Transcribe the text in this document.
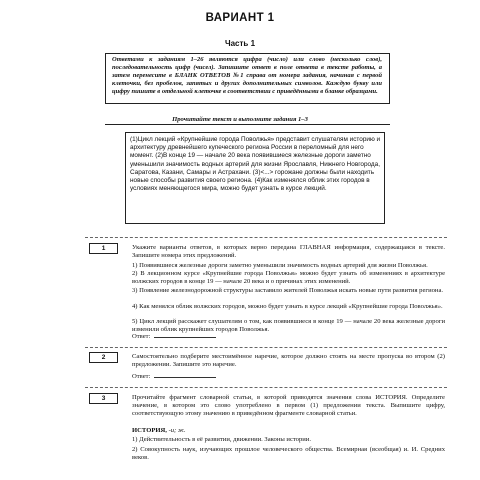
ВАРИАНТ 1
Часть 1
Ответами к заданиям 1–26 являются цифра (число) или слово (несколько слов), последовательность цифр (чисел). Запишите ответ в поле ответа в тексте работы, а затем перенесите в БЛАНК ОТВЕТОВ №1 справа от номера задания, начиная с первой клеточки, без пробелов, запятых и других дополнительных символов. Каждую букву или цифру пишите в отдельной клеточке в соответствии с приведёнными в бланке образцами.
Прочитайте текст и выполните задания 1–3
(1)Цикл лекций «Крупнейшие города Поволжья» представит слушателям историю и архитектуру древнейшего купеческого региона России в переломный для него момент. (2)В конце 19 — начале 20 века появившиеся железные дороги заметно уменьшили значимость водных артерий для жизни Ярославля, Нижнего Новгорода, Саратова, Казани, Самары и Астрахани. (3)<...> горожане должны были находить новые способы развития своего региона. (4)Как изменялся облик этих городов в условиях меняющегося мира, можно будет узнать в курсе лекций.
1	Укажите варианты ответов, в которых верно передана ГЛАВНАЯ информация, содержащаяся в тексте. Запишите номера этих предложений.
1) Появившиеся железные дороги заметно уменьшили значимость водных артерий для жизни Поволжья.
2) В лекционном курсе «Крупнейшие города Поволжья» можно будет узнать об изменениях в архитектуре волжских городов в конце 19 — начале 20 века и о причинах этих изменений.
3) Появление железнодорожной структуры заставило жителей Поволжья искать новые пути развития региона.
4) Как менялся облик волжских городов, можно будет узнать в курсе лекций «Крупнейшие города Поволжья».
Ответ:
2	Самостоятельно подберите местоимённое наречие, которое должно стоять на месте пропуска во втором (2) предложении. Запишите это наречие.
Ответ:
3	Прочитайте фрагмент словарной статьи, в которой приводятся значения слова ИСТОРИЯ. Определите значение, в котором это слово употреблено в первом (1) предложении текста. Выпишите цифру, соответствующую этому значению в приведённом фрагменте словарной статьи.
ИСТОРИЯ, -и; ж.
1) Действительность в её развитии, движении. Законы истории.
2) Совокупность наук, изучающих прошлое человеческого общества. Всемирная (всеобщая) и. И. Средних веков.
5) Цикл лекций расскажет слушателям о том, как появившиеся в конце 19 — начале 20 века железные дороги изменили облик крупнейших городов Поволжья.
